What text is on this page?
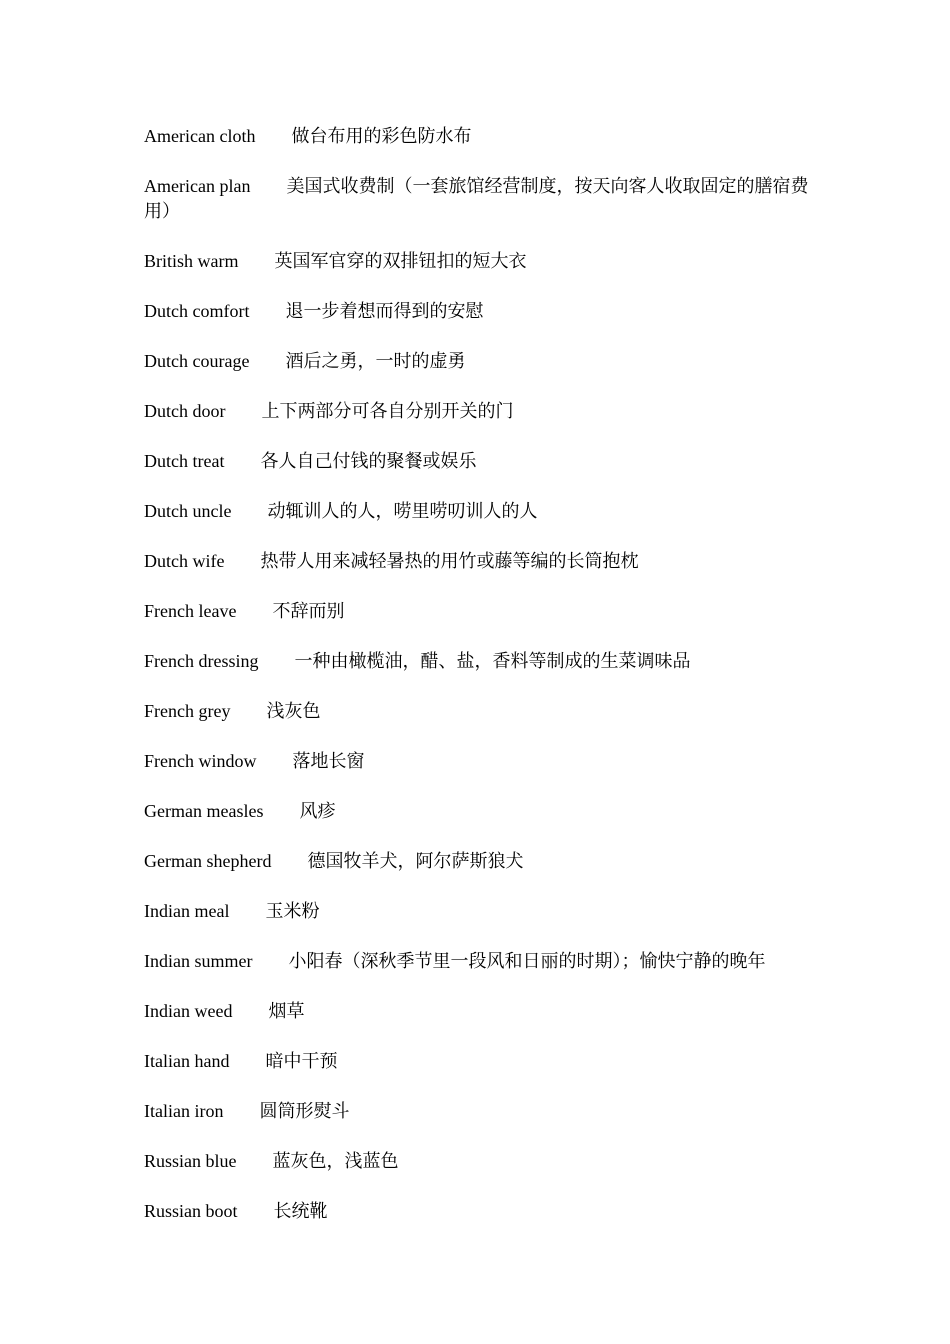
American cloth 做台布用的彩色防水布
American plan 美国式收费制（一套旅馆经营制度，按天向客人收取固定的膳宿费用）
British warm 英国军官穿的双排钮扣的短大衣
Dutch comfort 退一步着想而得到的安慰
Dutch courage 酒后之勇，一时的虚勇
Dutch door 上下两部分可各自分别开关的门
Dutch treat 各人自己付钱的聚餐或娱乐
Dutch uncle 动辄训人的人，唠里唠叨训人的人
Dutch wife 热带人用来减轻暑热的用竹或藤等编的长筒抱枕
French leave 不辞而别
French dressing 一种由橄榄油，醋、盐，香料等制成的生菜调味品
French grey 浅灰色
French window 落地长窗
German measles 风疹
German shepherd 德国牧羊犬，阿尔萨斯狼犬
Indian meal 玉米粉
Indian summer 小阳春（深秋季节里一段风和日丽的时期）；愉快宁静的晚年
Indian weed 烟草
Italian hand 暗中干预
Italian iron 圆筒形熨斗
Russian blue 蓝灰色，浅蓝色
Russian boot 长统靴
